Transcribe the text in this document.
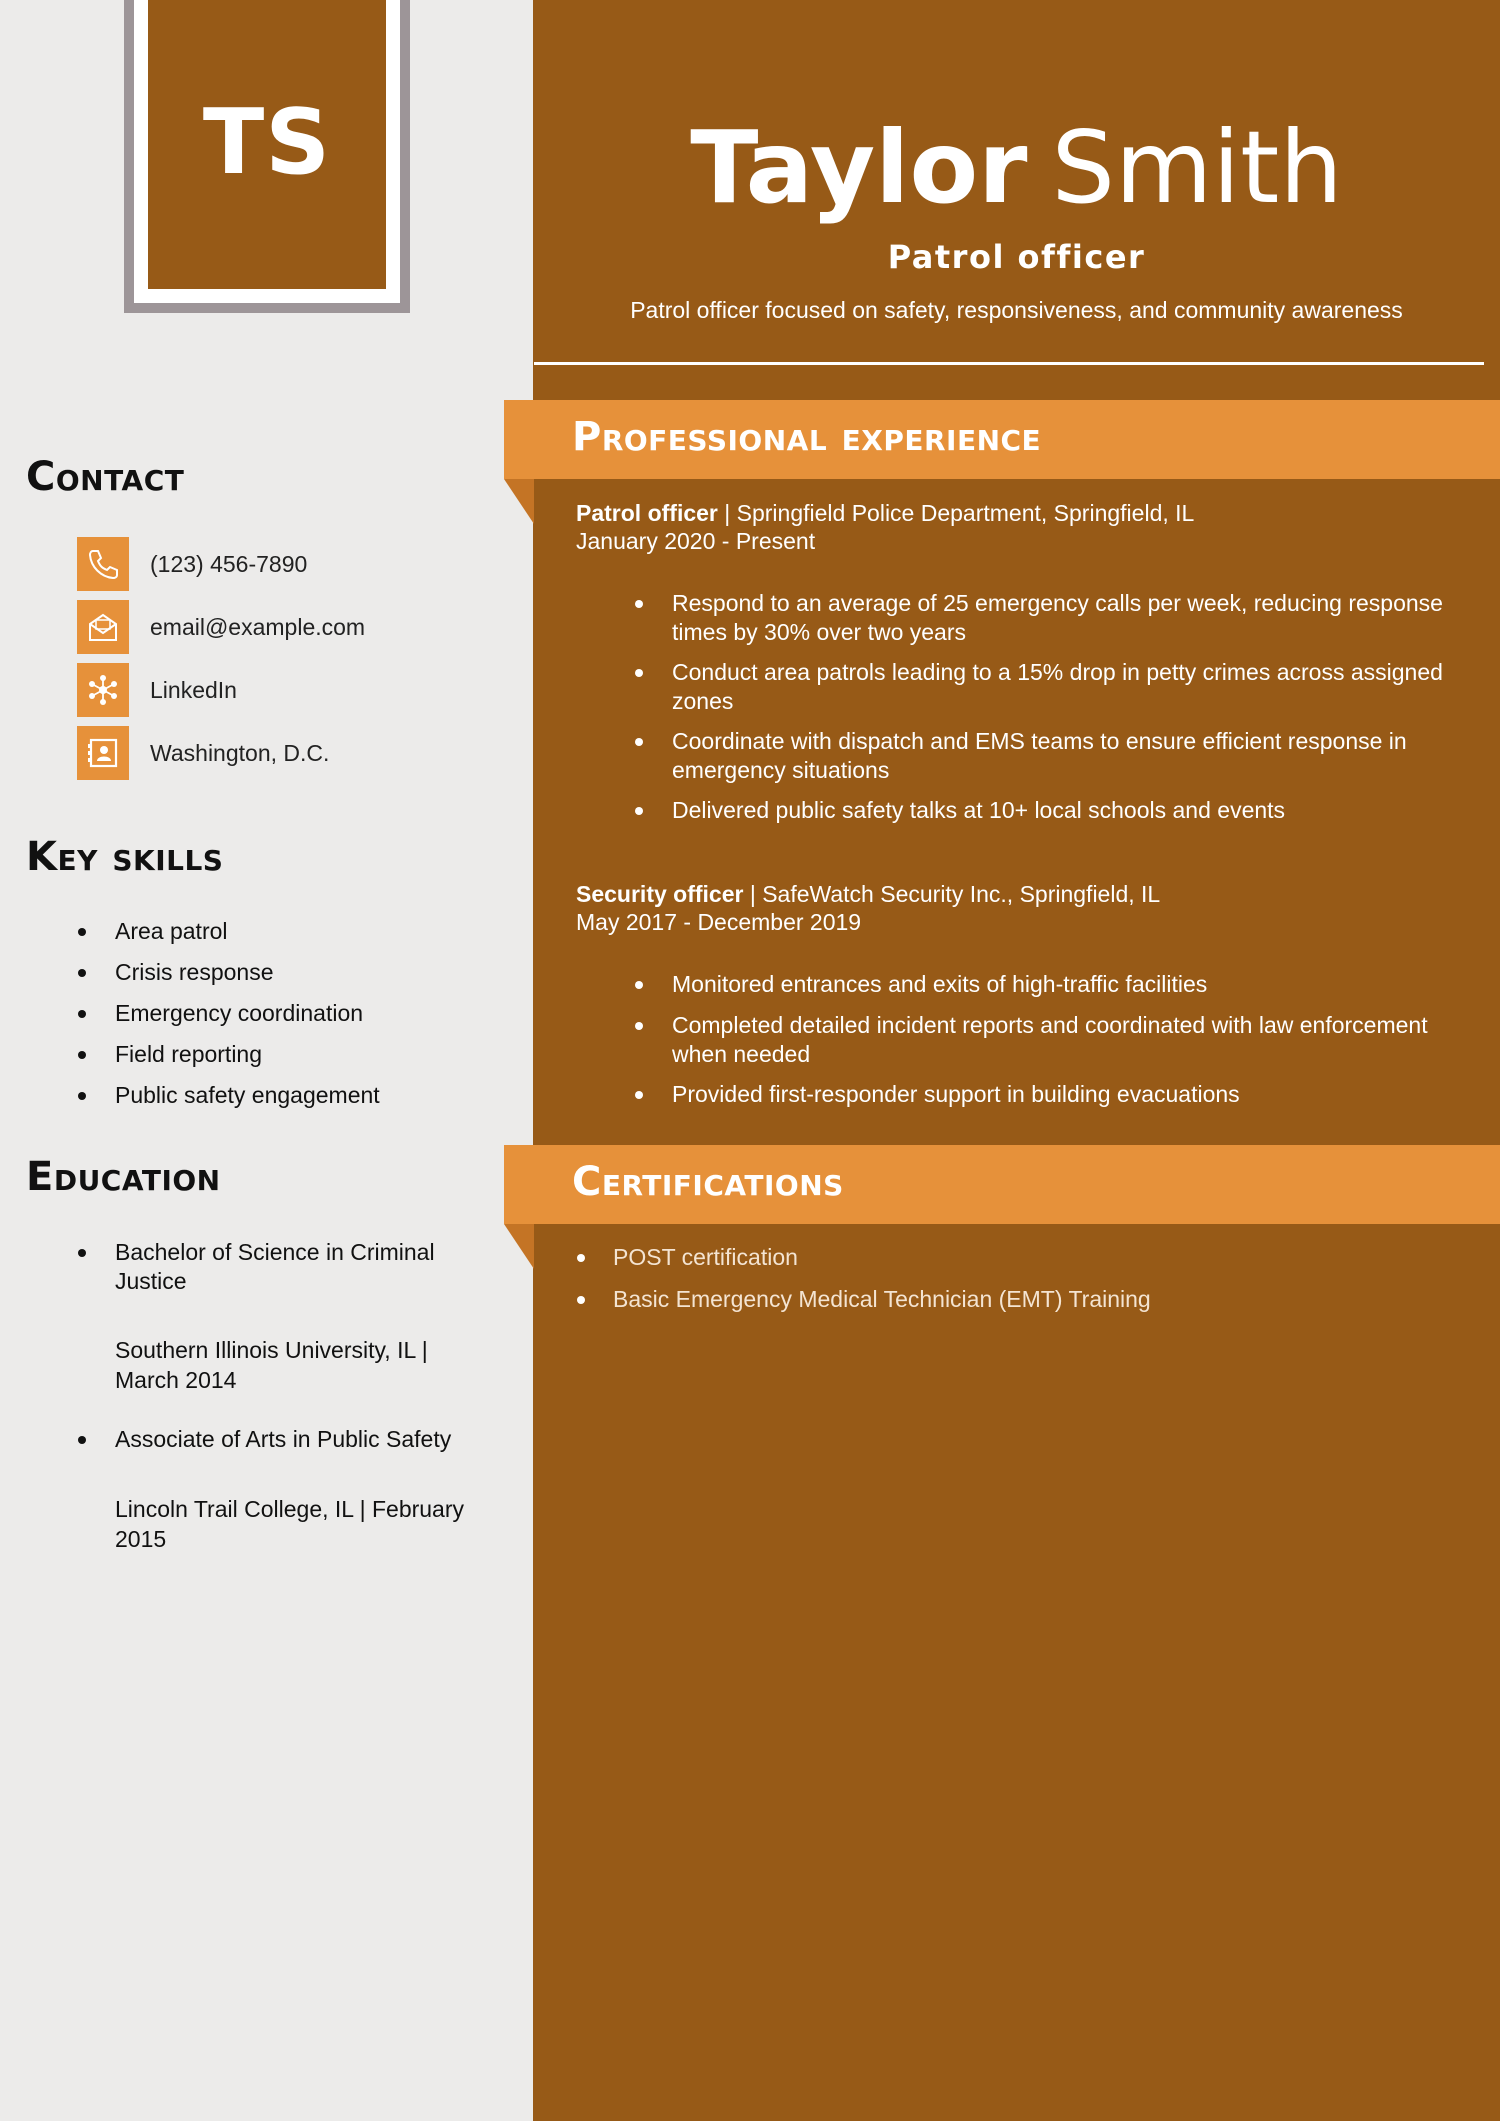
TS
Contact
(123) 456-7890
email@example.com
LinkedIn
Washington, D.C.
Key skills
Area patrol
Crisis response
Emergency coordination
Field reporting
Public safety engagement
Education
Bachelor of Science in Criminal Justice
Southern Illinois University, IL | March 2014
Associate of Arts in Public Safety
Lincoln Trail College, IL | February 2015
Taylor Smith
Patrol officer
Patrol officer focused on safety, responsiveness, and community awareness
Professional experience
Patrol officer | Springfield Police Department, Springfield, IL
January 2020 - Present
Respond to an average of 25 emergency calls per week, reducing response times by 30% over two years
Conduct area patrols leading to a 15% drop in petty crimes across assigned zones
Coordinate with dispatch and EMS teams to ensure efficient response in emergency situations
Delivered public safety talks at 10+ local schools and events
Security officer | SafeWatch Security Inc., Springfield, IL
May 2017 - December 2019
Monitored entrances and exits of high-traffic facilities
Completed detailed incident reports and coordinated with law enforcement when needed
Provided first-responder support in building evacuations
Certifications
POST certification
Basic Emergency Medical Technician (EMT) Training
